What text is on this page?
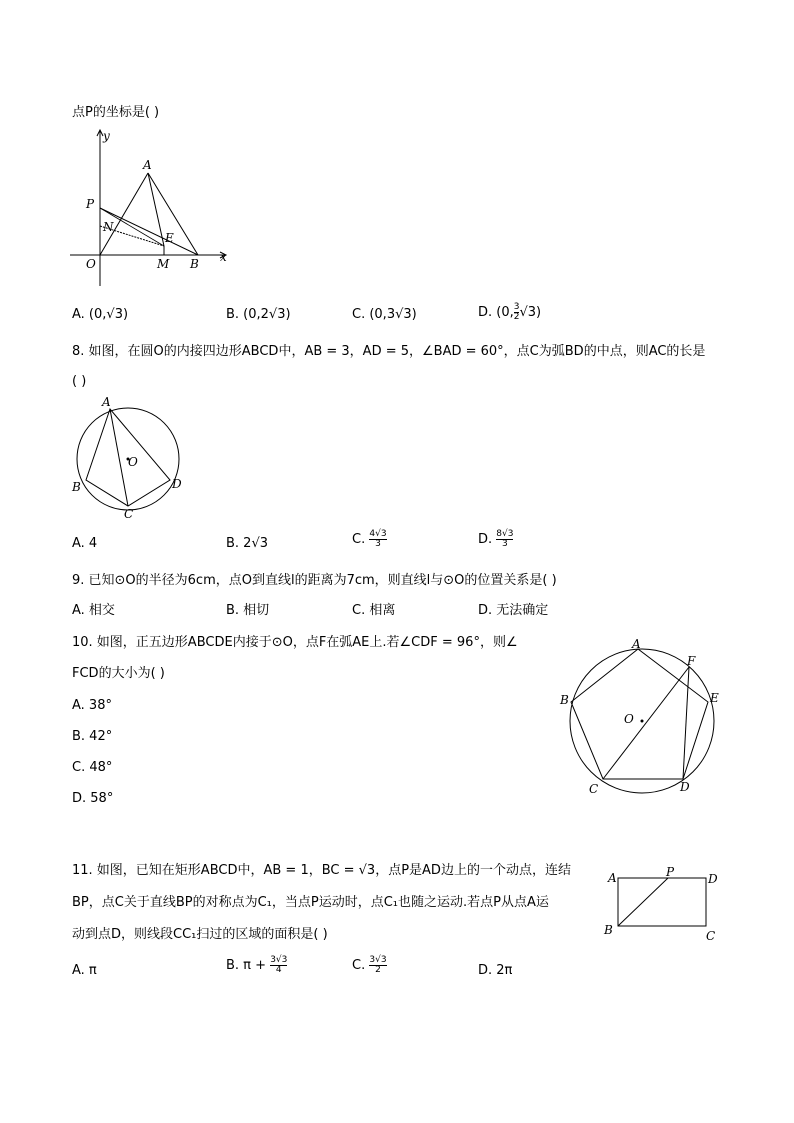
点P的坐标是( )
y
x
O
P
N
A
E
M B
A. (0,√3)	B. (0,2√3)	C. (0,3√3)	D. (0, $\frac{3}{2} √3$)
8. 如图，在圆O的内接四边形ABCD中，AB = 3，AD = 5，∠BAD = 60°，点C为弧BD的中点，则AC的长是
( )
A
B
C
D
O
A. 4	B. 2√3	C. $\frac{4√3}{3}$	D. $\frac{8√3}{3}$
9. 已知⊙O的半径为6cm，点O到直线l的距离为7cm，则直线l与⊙O的位置关系是( )
A. 相交	B. 相切	C. 相离	D. 无法确定
10. 如图，正五边形ABCDE内接于⊙O，点F在弧AE上.若∠CDF = 96°，则∠
FCD的大小为( )
A. 38°
B. 42°
C. 48°
D. 58°
A
B
C	D
E
F
O
11. 如图，已知在矩形ABCD中，AB = 1，BC = √3，点P是AD边上的一个动点，连结
BP，点C关于直线BP的对称点为C₁，当点P运动时，点C₁也随之运动.若点P从点A运
动到点D，则线段CC₁扫过的区域的面积是( )
A	P	D
B	C
A. π	B. $\pi + \frac{3√3}{4}$	C. $\frac{3√3}{2}$	D. 2π
